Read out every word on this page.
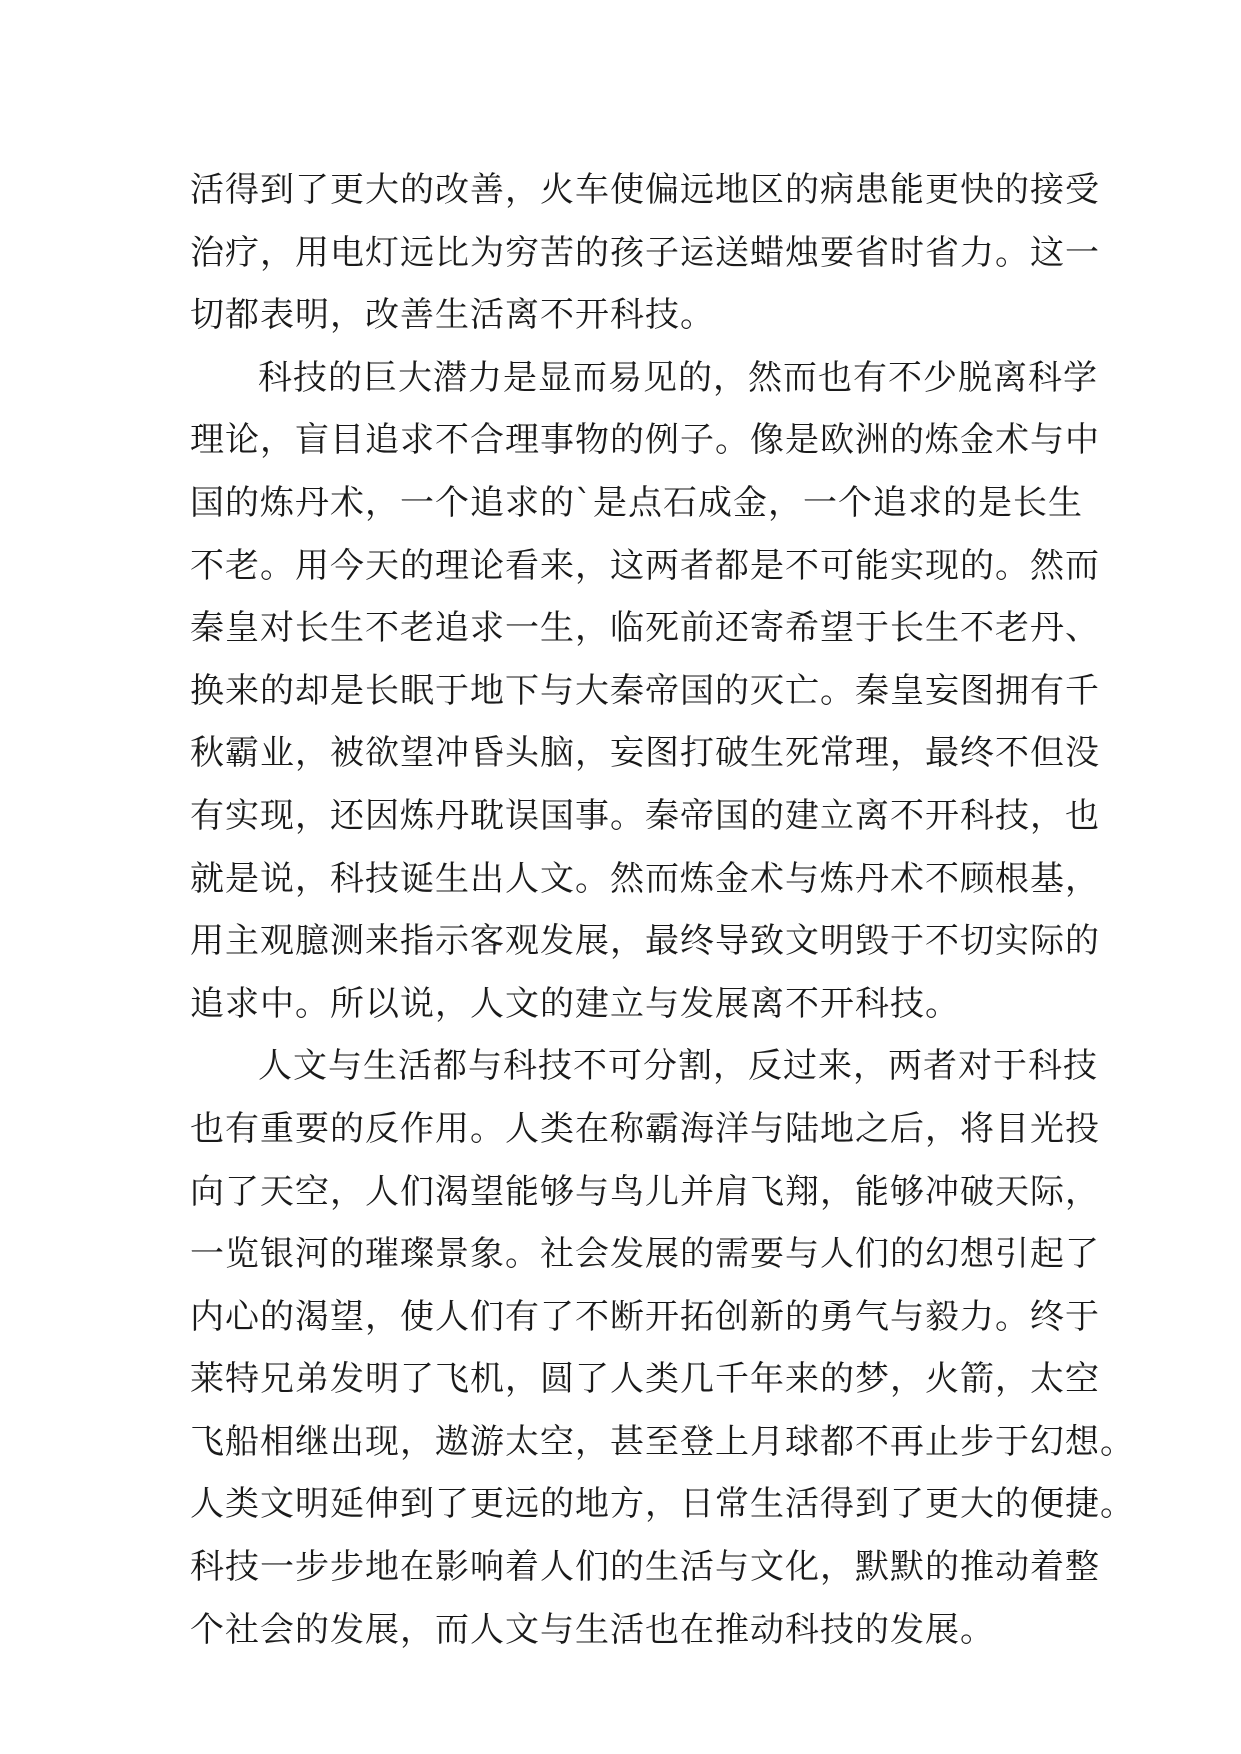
活得到了更大的改善，火车使偏远地区的病患能更快的接受
治疗，用电灯远比为穷苦的孩子运送蜡烛要省时省力。这一
切都表明，改善生活离不开科技。
科技的巨大潜力是显而易见的，然而也有不少脱离科学
理论，盲目追求不合理事物的例子。像是欧洲的炼金术与中
国的炼丹术，一个追求的`是点石成金，一个追求的是长生
不老。用今天的理论看来，这两者都是不可能实现的。然而
秦皇对长生不老追求一生，临死前还寄希望于长生不老丹、
换来的却是长眠于地下与大秦帝国的灭亡。秦皇妄图拥有千
秋霸业，被欲望冲昏头脑，妄图打破生死常理，最终不但没
有实现，还因炼丹耽误国事。秦帝国的建立离不开科技，也
就是说，科技诞生出人文。然而炼金术与炼丹术不顾根基，
用主观臆测来指示客观发展，最终导致文明毁于不切实际的
追求中。所以说，人文的建立与发展离不开科技。
人文与生活都与科技不可分割，反过来，两者对于科技
也有重要的反作用。人类在称霸海洋与陆地之后，将目光投
向了天空，人们渴望能够与鸟儿并肩飞翔，能够冲破天际，
一览银河的璀璨景象。社会发展的需要与人们的幻想引起了
内心的渴望，使人们有了不断开拓创新的勇气与毅力。终于
莱特兄弟发明了飞机，圆了人类几千年来的梦，火箭，太空
飞船相继出现，遨游太空，甚至登上月球都不再止步于幻想。
人类文明延伸到了更远的地方，日常生活得到了更大的便捷。
科技一步步地在影响着人们的生活与文化，默默的推动着整
个社会的发展，而人文与生活也在推动科技的发展。
